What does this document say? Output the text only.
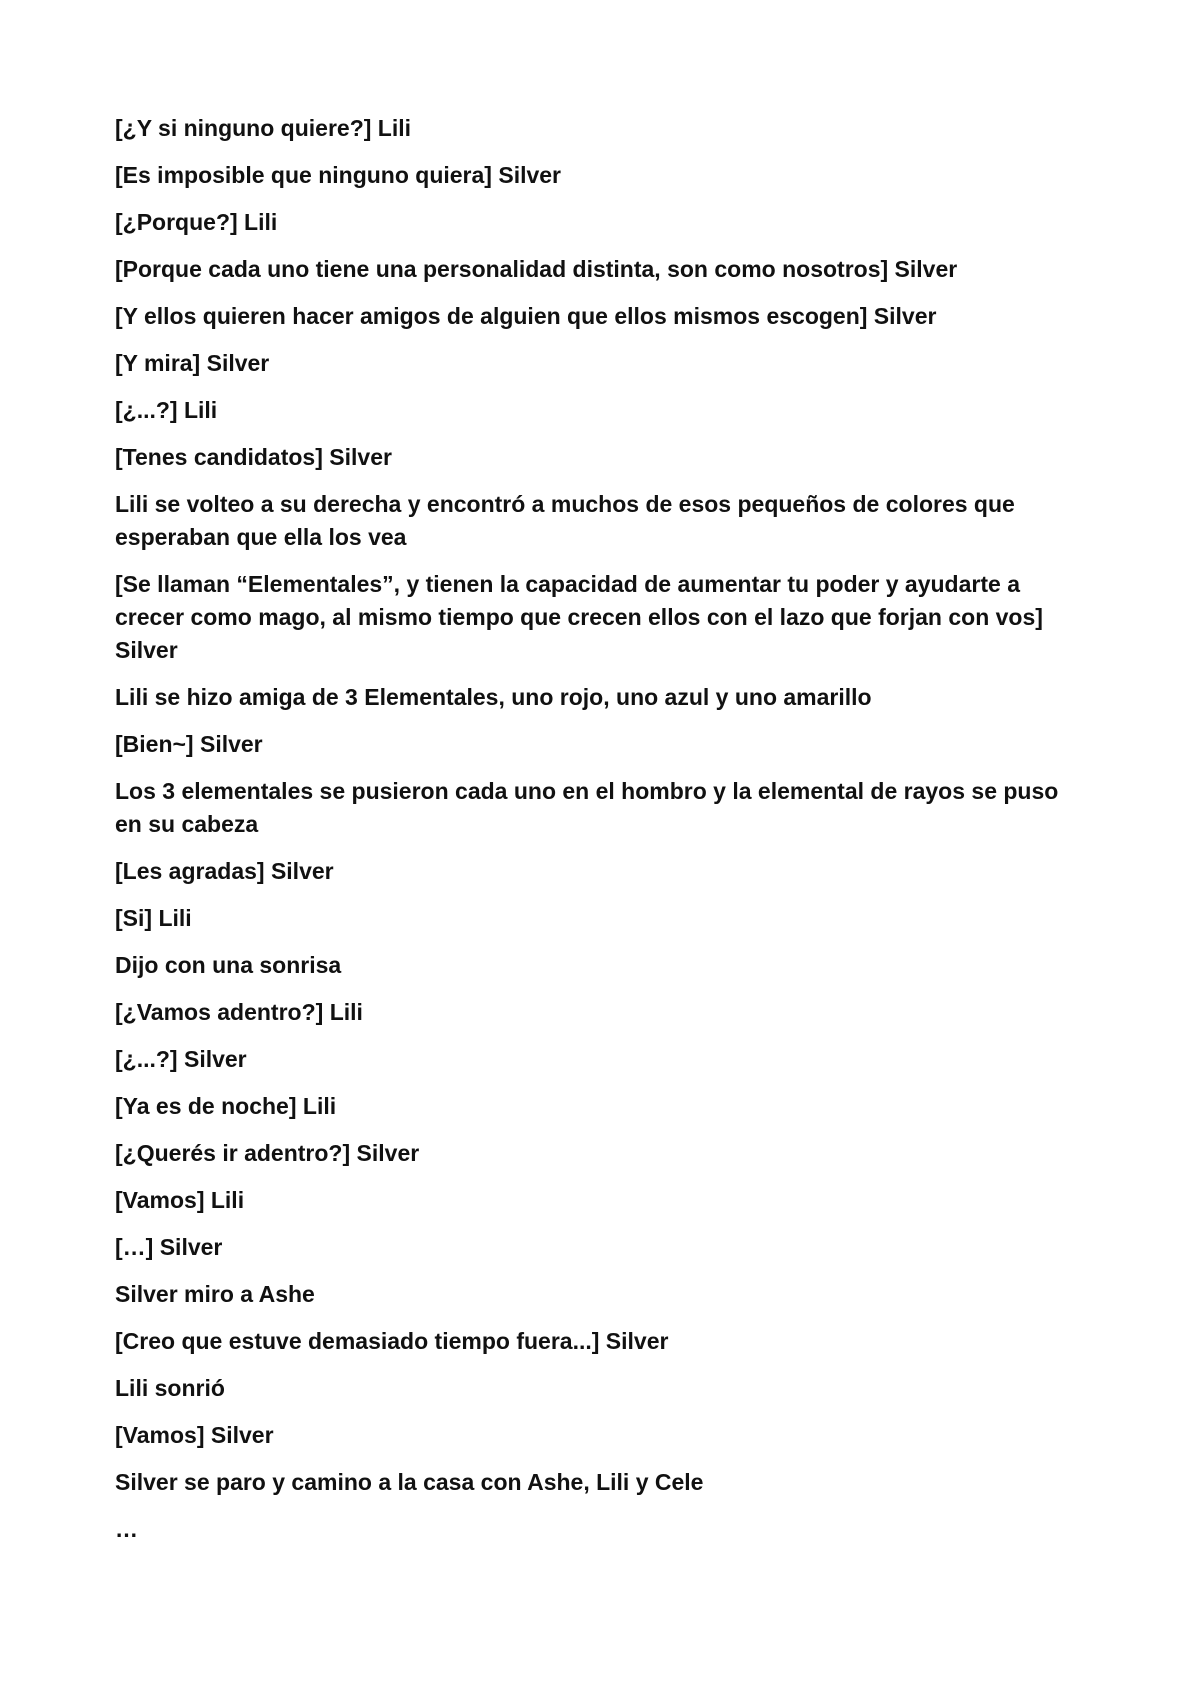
[¿Y si ninguno quiere?] Lili

[Es imposible que ninguno quiera] Silver

[¿Porque?] Lili

[Porque cada uno tiene una personalidad distinta, son como nosotros] Silver

[Y ellos quieren hacer amigos de alguien que ellos mismos escogen] Silver

[Y mira] Silver

[¿...?] Lili

[Tenes candidatos] Silver

Lili se volteo a su derecha y encontró a muchos de esos pequeños de colores que esperaban que ella los vea

[Se llaman “Elementales”, y tienen la capacidad de aumentar tu poder y ayudarte a crecer como mago, al mismo tiempo que crecen ellos con el lazo que forjan con vos] Silver

Lili se hizo amiga de 3 Elementales, uno rojo, uno azul y uno amarillo

[Bien~] Silver

Los 3 elementales se pusieron cada uno en el hombro y la elemental de rayos se puso en su cabeza

[Les agradas] Silver

[Si] Lili

Dijo con una sonrisa

[¿Vamos adentro?] Lili

[¿...?] Silver

[Ya es de noche] Lili

[¿Querés ir adentro?] Silver

[Vamos] Lili

[…] Silver

Silver miro a Ashe

[Creo que estuve demasiado tiempo fuera...] Silver

Lili sonrió

[Vamos] Silver

Silver se paro y camino a la casa con Ashe, Lili y Cele

…
